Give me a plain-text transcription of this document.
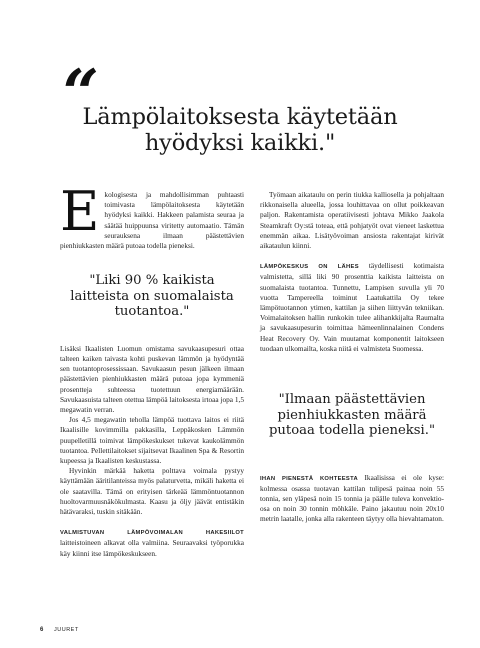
“
Lämpölaitoksesta käytetään
hyödyksi kaikki."

Ekologisesta ja mahdollisimman puhtaasti toimivasta lämpölaitoksesta käytetään hyödyksi kaikki. Hakkeen palamista seuraa ja säätää huippuunsa viritetty automaatio. Tämän seurauksena ilmaan päästettävien pienhiukkasten määrä putoaa todella pieneksi.

"Liki 90 % kaikista laitteista on suomalaista tuotantoa."

Lisäksi Ikaalisten Luomun omistama savukaasupesuri ottaa talteen kaiken taivasta kohti puskevan lämmön ja hyödyntää sen tuotantoprosessissaan. Savukaasun pesun jälkeen ilmaan päästettävien pienhiukkasten määrä putoaa jopa kymmeniä prosentteja suhteessa tuotettuun energiamäärään. Savukaasuista talteen otettua lämpöä laitoksesta irtoaa jopa 1,5 megawatin verran.

Jos 4,5 megawatin teholla lämpöä tuottava laitos ei riitä Ikaalisille kovimmilla pakkasilla, Leppäkosken Lämmön puupelletillä toimivat lämpökeskukset tukevat kaukolämmön tuotantoa. Pellettilaitokset sijaitsevat Ikaalinen Spa & Resortin kupeessa ja Ikaalisten keskustassa.

Hyvinkin märkää haketta polttava voimala pystyy käyttämään ääritilanteissa myös palaturvetta, mikäli haketta ei ole saatavilla. Tämä on erityisen tärkeää lämmöntuotannon huoltovarmuusnäkökulmasta. Kaasu ja öljy jäävät entistäkin hätävaraksi, tuskin sitäkään.

VALMISTUVAN LÄMPÖVOIMALAN HAKESIILOT laitteistoineen alkavat olla valmiina. Seuraavaksi työporukka käy kiinni itse lämpökeskukseen.

Työmaan aikataulu on perin tiukka kalliosella ja pohjaltaan rikkonaisella alueella, jossa louhittavaa on ollut poikkeavan paljon. Rakentamista operatiivisesti johtava Mikko Jaakola Steamkraft Oy:stä toteaa, että pohjatyöt ovat vieneet laskettua enemmän aikaa. Lisätyövoiman ansiosta rakentajat kirivät aikataulun kiinni.

LÄMPÖKESKUS ON LÄHES täydellisesti kotimaista valmistetta, sillä liki 90 prosenttia kaikista laitteista on suomalaista tuotantoa. Tunnettu, Lampisen suvulla yli 70 vuotta Tampereella toiminut Laatukattila Oy tekee lämpötuotannon ytimen, kattilan ja siihen liittyvän tekniikan. Voimalaitoksen hallin runkokin tulee alihankkijalta Raumalta ja savukaasupesurin toimittaa hämeenlinnalainen Condens Heat Recovery Oy. Vain muutamat komponentit laitokseen tuodaan ulkomailta, koska niitä ei valmisteta Suomessa.

"Ilmaan päästettävien pienhiukkasten määrä putoaa todella pieneksi."

IHAN PIENESTÄ KOHTEESTA Ikaalisissa ei ole kyse: kolmessa osassa tuotavan kattilan tulipesä painaa noin 55 tonnia, sen yläpesä noin 15 tonnia ja päälle tuleva konvektio-osa on noin 30 tonnin möhkäle. Paino jakautuu noin 20x10 metrin laatalle, jonka alla rakenteen täytyy olla hievahtamaton.

6 JUURET
